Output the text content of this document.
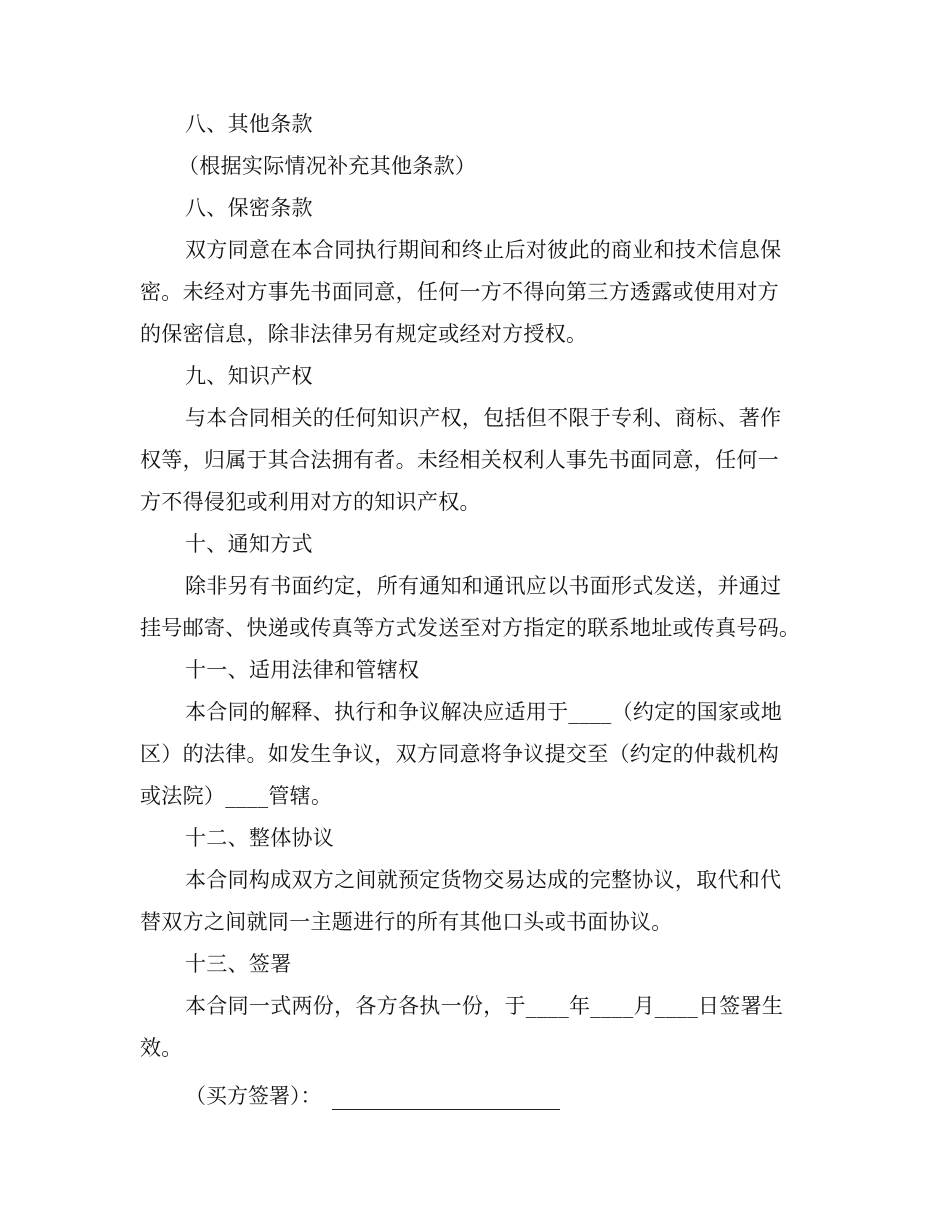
八、其他条款
（根据实际情况补充其他条款）
八、保密条款
双方同意在本合同执行期间和终止后对彼此的商业和技术信息保
密。未经对方事先书面同意，任何一方不得向第三方透露或使用对方
的保密信息，除非法律另有规定或经对方授权。
九、知识产权
与本合同相关的任何知识产权，包括但不限于专利、商标、著作
权等，归属于其合法拥有者。未经相关权利人事先书面同意，任何一
方不得侵犯或利用对方的知识产权。
十、通知方式
除非另有书面约定，所有通知和通讯应以书面形式发送，并通过
挂号邮寄、快递或传真等方式发送至对方指定的联系地址或传真号码。
十一、适用法律和管辖权
本合同的解释、执行和争议解决应适用于____（约定的国家或地
区）的法律。如发生争议，双方同意将争议提交至（约定的仲裁机构
或法院）____管辖。
十二、整体协议
本合同构成双方之间就预定货物交易达成的完整协议，取代和代
替双方之间就同一主题进行的所有其他口头或书面协议。
十三、签署
本合同一式两份，各方各执一份，于____年____月____日签署生
效。
（买方签署）：
